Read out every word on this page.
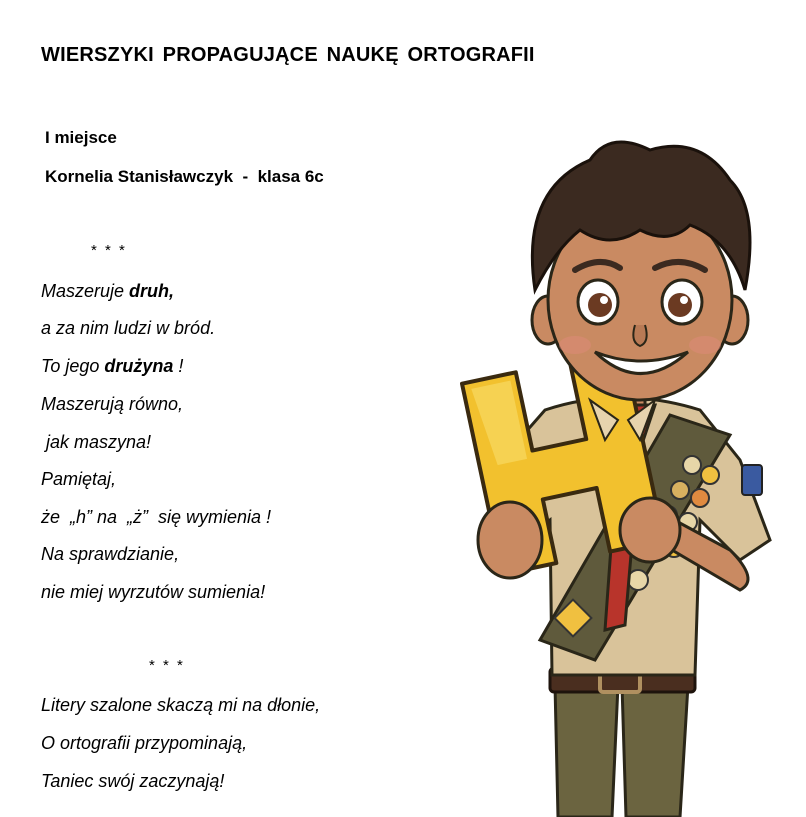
WIERSZYKI PROPAGUJĄCE NAUKĘ ORTOGRAFII
I miejsce
Kornelia Stanisławczyk  -  klasa 6c
* * *
Maszeruje druh,
a za nim ludzi w bród.
To jego drużyna !
Maszerują równo,
jak maszyna!
Pamiętaj,
że  „h” na  „ż”  się wymienia !
Na sprawdzianie,
nie miej wyrzutów sumienia!
* * *
Litery szalone skaczą mi na dłonie,
O ortografii przypominają,
Taniec swój zaczynają!
